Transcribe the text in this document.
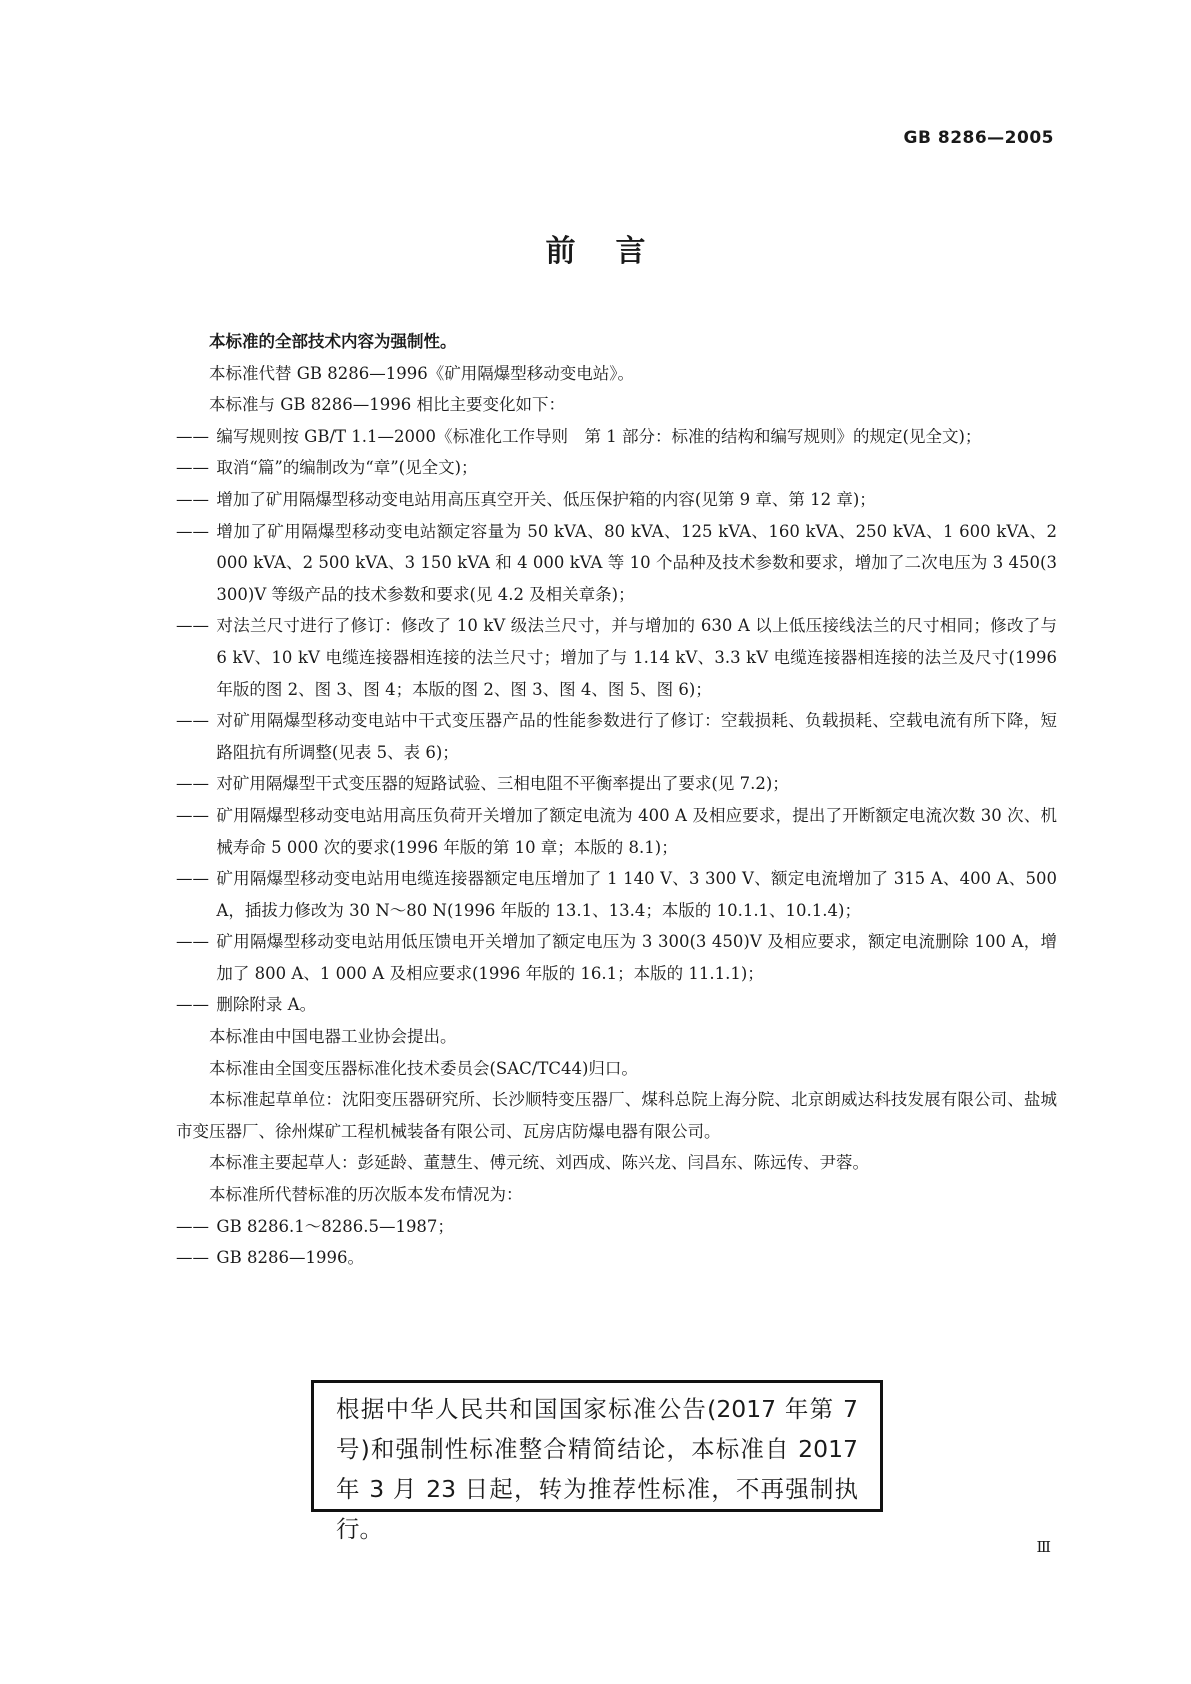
GB 8286—2005
前言

本标准的全部技术内容为强制性。

本标准代替 GB 8286—1996《矿用隔爆型移动变电站》。

本标准与 GB 8286—1996 相比主要变化如下：

—— 编写规则按 GB/T 1.1—2000《标准化工作导则　第 1 部分：标准的结构和编写规则》的规定(见全文)；

—— 取消“篇”的编制改为“章”(见全文)；

—— 增加了矿用隔爆型移动变电站用高压真空开关、低压保护箱的内容(见第 9 章、第 12 章)；

—— 增加了矿用隔爆型移动变电站额定容量为 50 kVA、80 kVA、125 kVA、160 kVA、250 kVA、1 600 kVA、2 000 kVA、2 500 kVA、3 150 kVA 和 4 000 kVA 等 10 个品种及技术参数和要求，增加了二次电压为 3 450(3 300)V 等级产品的技术参数和要求(见 4.2 及相关章条)；

—— 对法兰尺寸进行了修订：修改了 10 kV 级法兰尺寸，并与增加的 630 A 以上低压接线法兰的尺寸相同；修改了与 6 kV、10 kV 电缆连接器相连接的法兰尺寸；增加了与 1.14 kV、3.3 kV 电缆连接器相连接的法兰及尺寸(1996 年版的图 2、图 3、图 4；本版的图 2、图 3、图 4、图 5、图 6)；

—— 对矿用隔爆型移动变电站中干式变压器产品的性能参数进行了修订：空载损耗、负载损耗、空载电流有所下降，短路阻抗有所调整(见表 5、表 6)；

—— 对矿用隔爆型干式变压器的短路试验、三相电阻不平衡率提出了要求(见 7.2)；

—— 矿用隔爆型移动变电站用高压负荷开关增加了额定电流为 400 A 及相应要求，提出了开断额定电流次数 30 次、机械寿命 5 000 次的要求(1996 年版的第 10 章；本版的 8.1)；

—— 矿用隔爆型移动变电站用电缆连接器额定电压增加了 1 140 V、3 300 V、额定电流增加了 315 A、400 A、500 A，插拔力修改为 30 N～80 N(1996 年版的 13.1、13.4；本版的 10.1.1、10.1.4)；

—— 矿用隔爆型移动变电站用低压馈电开关增加了额定电压为 3 300(3 450)V 及相应要求，额定电流删除 100 A，增加了 800 A、1 000 A 及相应要求(1996 年版的 16.1；本版的 11.1.1)；

—— 删除附录 A。

本标准由中国电器工业协会提出。

本标准由全国变压器标准化技术委员会(SAC/TC44)归口。

本标准起草单位：沈阳变压器研究所、长沙顺特变压器厂、煤科总院上海分院、北京朗威达科技发展有限公司、盐城市变压器厂、徐州煤矿工程机械装备有限公司、瓦房店防爆电器有限公司。

本标准主要起草人：彭延龄、董慧生、傅元统、刘西成、陈兴龙、闫昌东、陈远传、尹蓉。

本标准所代替标准的历次版本发布情况为：

—— GB 8286.1～8286.5—1987；

—— GB 8286—1996。

根据中华人民共和国国家标准公告(2017 年第 7 号)和强制性标准整合精简结论，本标准自 2017 年 3 月 23 日起，转为推荐性标准，不再强制执行。
Ⅲ
